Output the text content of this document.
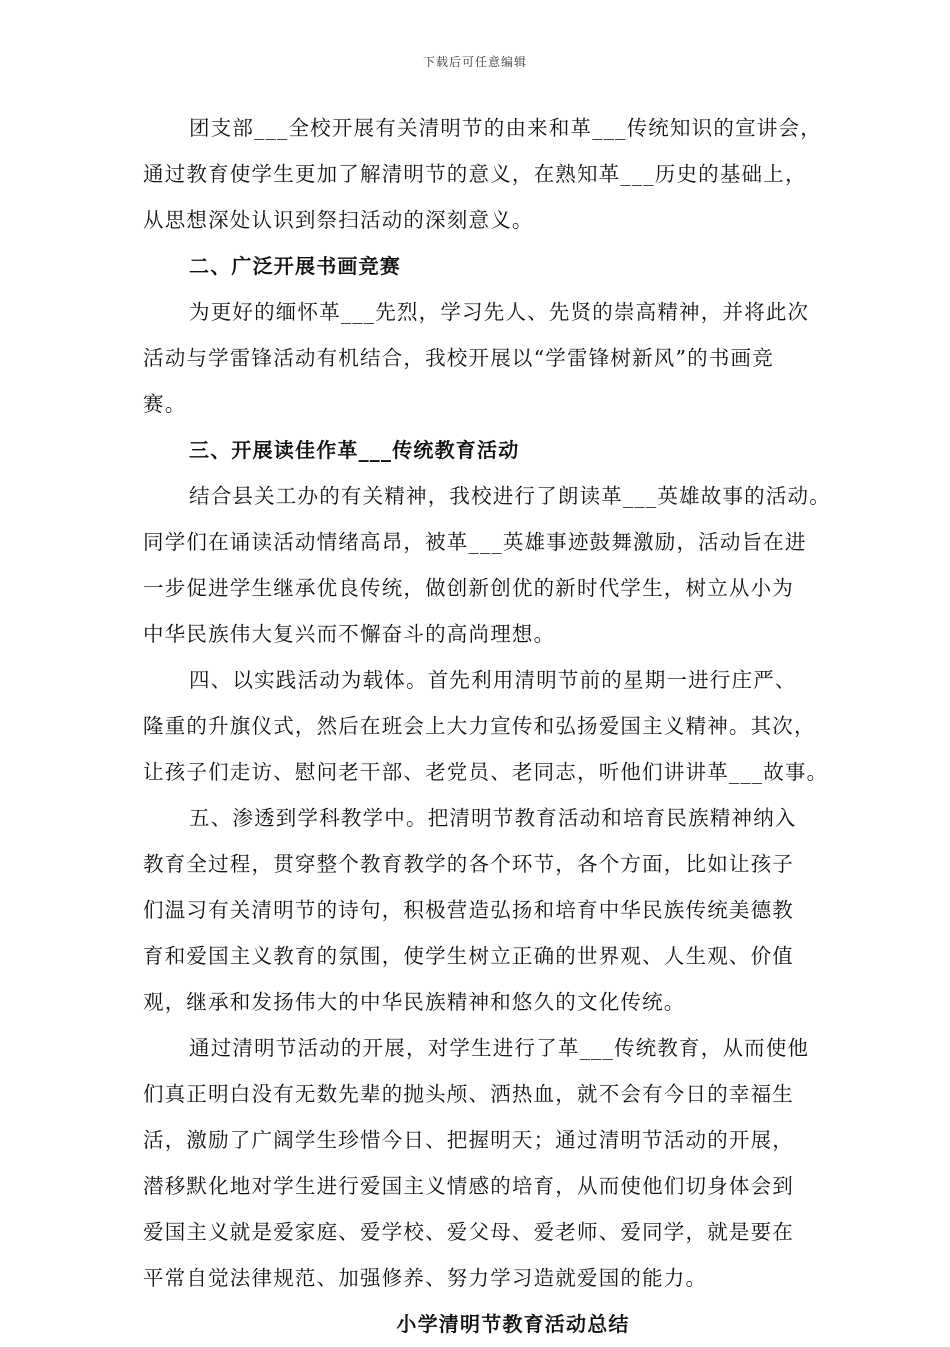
下载后可任意编辑
团支部___全校开展有关清明节的由来和革___传统知识的宣讲会，
通过教育使学生更加了解清明节的意义，在熟知革___历史的基础上，
从思想深处认识到祭扫活动的深刻意义。
二、广泛开展书画竞赛
为更好的缅怀革___先烈，学习先人、先贤的崇高精神，并将此次
活动与学雷锋活动有机结合，我校开展以“学雷锋树新风”的书画竞
赛。
三、开展读佳作革___传统教育活动
结合县关工办的有关精神，我校进行了朗读革___英雄故事的活动。
同学们在诵读活动情绪高昂，被革___英雄事迹鼓舞激励，活动旨在进
一步促进学生继承优良传统，做创新创优的新时代学生，树立从小为
中华民族伟大复兴而不懈奋斗的高尚理想。
四、以实践活动为载体。首先利用清明节前的星期一进行庄严、
隆重的升旗仪式，然后在班会上大力宣传和弘扬爱国主义精神。其次，
让孩子们走访、慰问老干部、老党员、老同志，听他们讲讲革___故事。
五、渗透到学科教学中。把清明节教育活动和培育民族精神纳入
教育全过程，贯穿整个教育教学的各个环节，各个方面，比如让孩子
们温习有关清明节的诗句，积极营造弘扬和培育中华民族传统美德教
育和爱国主义教育的氛围，使学生树立正确的世界观、人生观、价值
观，继承和发扬伟大的中华民族精神和悠久的文化传统。
通过清明节活动的开展，对学生进行了革___传统教育，从而使他
们真正明白没有无数先辈的抛头颅、洒热血，就不会有今日的幸福生
活，激励了广阔学生珍惜今日、把握明天；通过清明节活动的开展，
潜移默化地对学生进行爱国主义情感的培育，从而使他们切身体会到
爱国主义就是爱家庭、爱学校、爱父母、爱老师、爱同学，就是要在
平常自觉法律规范、加强修养、努力学习造就爱国的能力。
小学清明节教育活动总结
